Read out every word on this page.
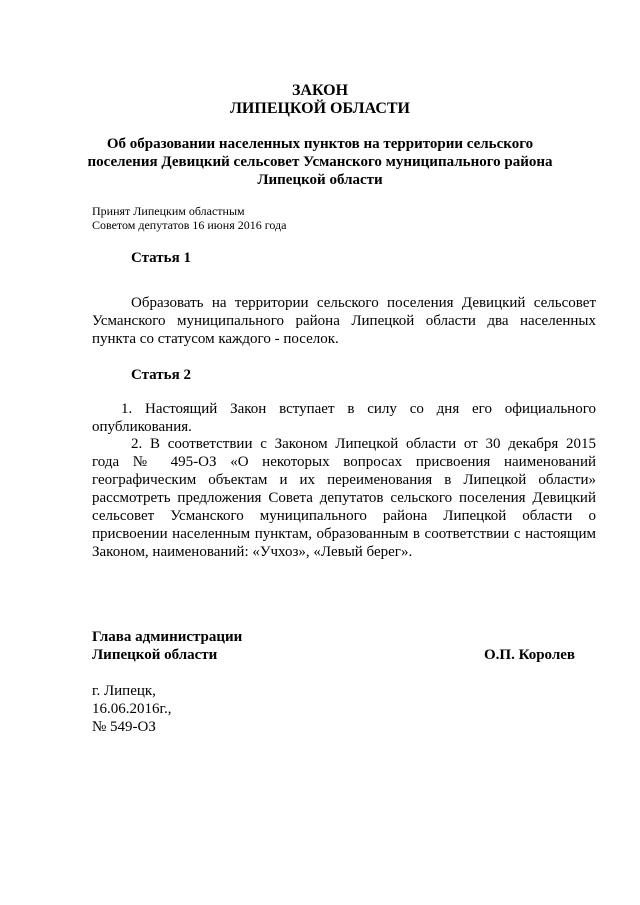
ЗАКОН
ЛИПЕЦКОЙ ОБЛАСТИ
Об образовании населенных пунктов на территории сельского
поселения Девицкий сельсовет Усманского муниципального района
Липецкой области
Принят Липецким областным
Советом депутатов 16 июня 2016 года
Статья 1
Образовать на территории сельского поселения Девицкий сельсовет
Усманского муниципального района Липецкой области два населенных
пункта со статусом каждого - поселок.
Статья 2
1. Настоящий Закон вступает в силу со дня его официального
опубликования.
2. В соответствии с Законом Липецкой области от 30 декабря 2015
года № 495-ОЗ «О некоторых вопросах присвоения наименований
географическим объектам и их переименования в Липецкой области»
рассмотреть предложения Совета депутатов сельского поселения Девицкий
сельсовет Усманского муниципального района Липецкой области о
присвоении населенным пунктам, образованным в соответствии с настоящим
Законом, наименований: «Учхоз», «Левый берег».
Глава администрации
Липецкой области	О.П. Королев
г. Липецк,
16.06.2016г.,
№ 549-ОЗ
